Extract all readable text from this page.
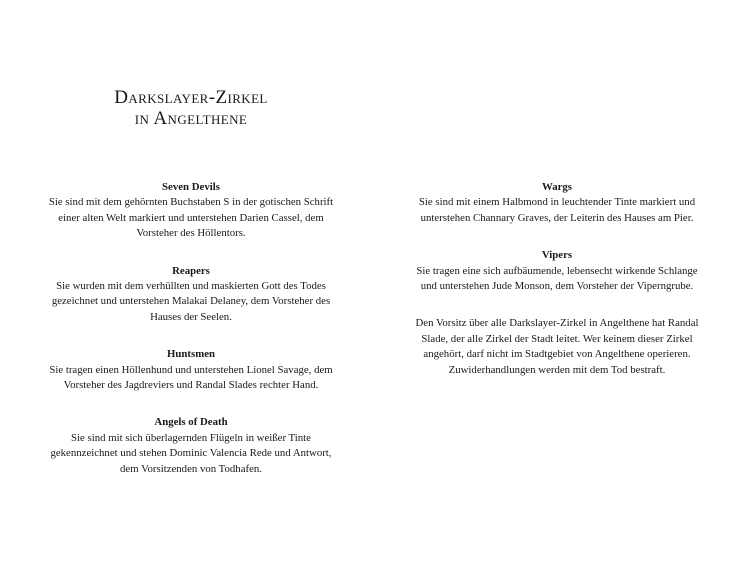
Darkslayer-Zirkel
in Angelthene
Seven Devils
Sie sind mit dem gehörnten Buchstaben S in der gotischen Schrift einer alten Welt markiert und unterstehen Darien Cassel, dem Vorsteher des Höllentors.
Reapers
Sie wurden mit dem verhüllten und maskierten Gott des Todes gezeichnet und unterstehen Malakai Delaney, dem Vorsteher des Hauses der Seelen.
Huntsmen
Sie tragen einen Höllenhund und unterstehen Lionel Savage, dem Vorsteher des Jagdreviers und Randal Slades rechter Hand.
Angels of Death
Sie sind mit sich überlagernden Flügeln in weißer Tinte gekennzeichnet und stehen Dominic Valencia Rede und Antwort, dem Vorsitzenden von Todhafen.
Wargs
Sie sind mit einem Halbmond in leuchtender Tinte markiert und unterstehen Channary Graves, der Leiterin des Hauses am Pier.
Vipers
Sie tragen eine sich aufbäumende, lebensecht wirkende Schlange und unterstehen Jude Monson, dem Vorsteher der Viperngrube.
Den Vorsitz über alle Darkslayer-Zirkel in Angelthene hat Randal Slade, der alle Zirkel der Stadt leitet. Wer keinem dieser Zirkel angehört, darf nicht im Stadtgebiet von Angelthene operieren. Zuwiderhandlungen werden mit dem Tod bestraft.
